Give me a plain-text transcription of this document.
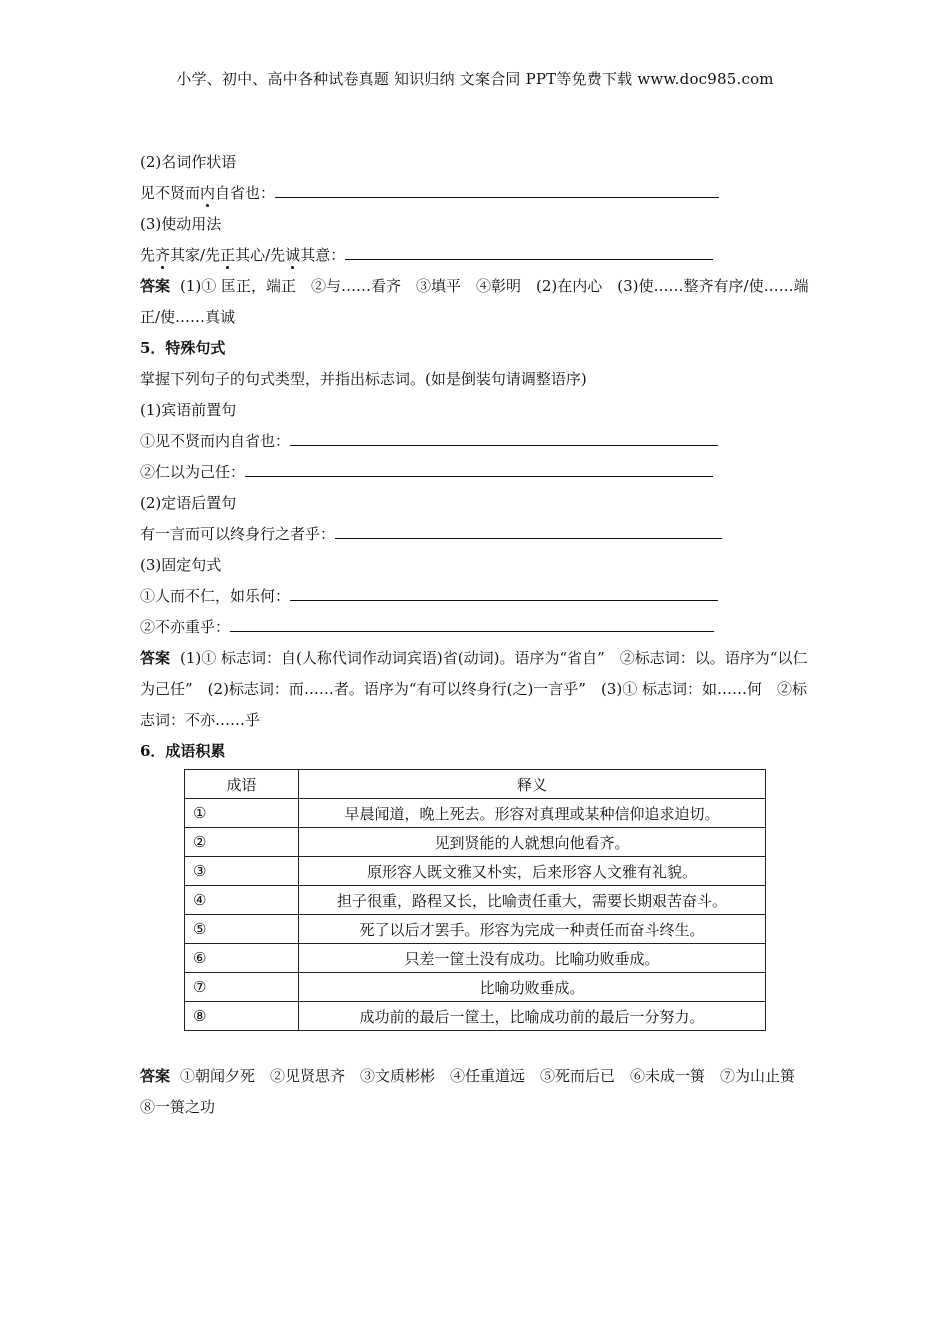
小学、初中、高中各种试卷真题 知识归纳 文案合同 PPT等免费下载 www.doc985.com
(2)名词作状语
见不贤而内自省也：
(3)使动用法
先齐其家/先正其心/先诚其意：
答案 (1)① 匡正，端正　②与……看齐　③填平　④彰明　(2)在内心　(3)使……整齐有序/使……端正/使……真诚
5．特殊句式
掌握下列句子的句式类型，并指出标志词。(如是倒装句请调整语序)
(1)宾语前置句
①见不贤而内自省也：
②仁以为己任：
(2)定语后置句
有一言而可以终身行之者乎：
(3)固定句式
①人而不仁，如乐何：
②不亦重乎：
答案 (1)① 标志词：自(人称代词作动词宾语)省(动词)。语序为“省自”　②标志词：以。语序为“以仁为己任”　(2)标志词：而……者。语序为“有可以终身行(之)一言乎”　(3)① 标志词：如……何　②标志词：不亦……乎
6．成语积累
成语	释义
①	早晨闻道，晚上死去。形容对真理或某种信仰追求迫切。
②	见到贤能的人就想向他看齐。
③	原形容人既文雅又朴实，后来形容人文雅有礼貌。
④	担子很重，路程又长，比喻责任重大，需要长期艰苦奋斗。
⑤	死了以后才罢手。形容为完成一种责任而奋斗终生。
⑥	只差一筐土没有成功。比喻功败垂成。
⑦	比喻功败垂成。
⑧	成功前的最后一筐土，比喻成功前的最后一分努力。
答案 ①朝闻夕死　②见贤思齐　③文质彬彬　④任重道远　⑤死而后已　⑥未成一篑　⑦为山止篑　⑧一篑之功
